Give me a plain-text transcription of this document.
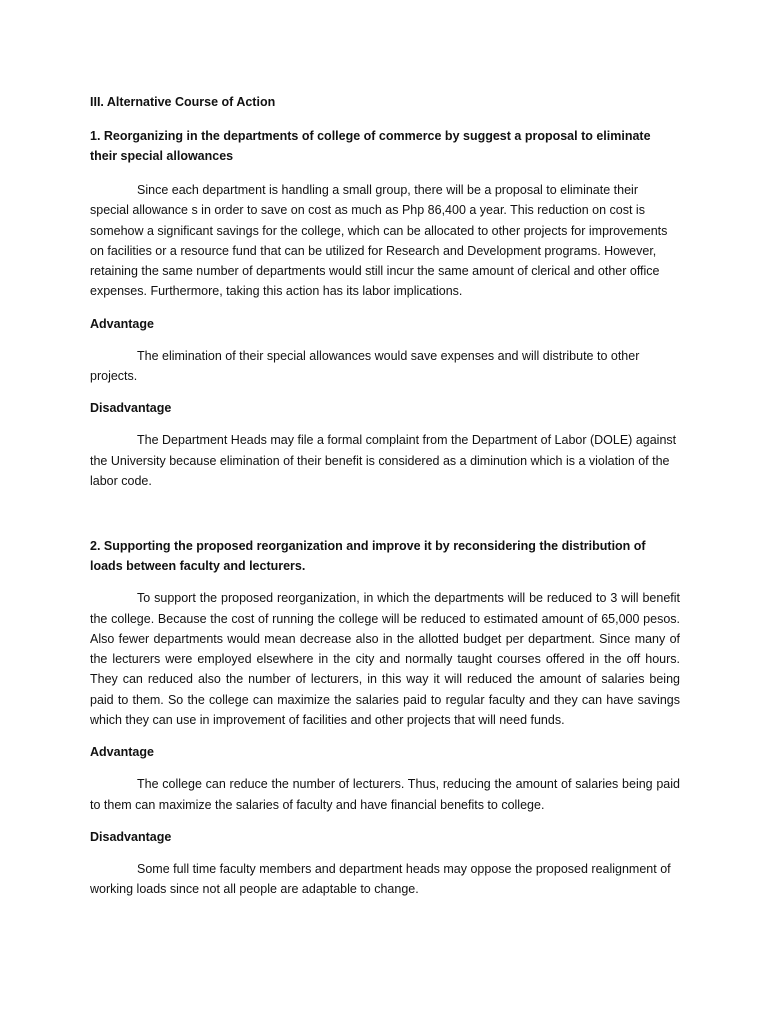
III. Alternative Course of Action

1. Reorganizing in the departments of college of commerce by suggest a proposal to eliminate their special allowances

Since each department is handling a small group, there will be a proposal to eliminate their special allowance s in order to save on cost as much as Php 86,400 a year. This reduction on cost is somehow a significant savings for the college, which can be allocated to other projects for improvements on facilities or a resource fund that can be utilized for Research and Development programs. However, retaining the same number of departments would still incur the same amount of clerical and other office expenses. Furthermore, taking this action has its labor implications.

Advantage

The elimination of their special allowances would save expenses and will distribute to other projects.

Disadvantage

The Department Heads may file a formal complaint from the Department of Labor (DOLE) against the University because elimination of their benefit is considered as a diminution which is a violation of the labor code.

2. Supporting the proposed reorganization and improve it by reconsidering the distribution of loads between faculty and lecturers.

To support the proposed reorganization, in which the departments will be reduced to 3 will benefit the college. Because the cost of running the college will be reduced to estimated amount of 65,000 pesos. Also fewer departments would mean decrease also in the allotted budget per department. Since many of the lecturers were employed elsewhere in the city and normally taught courses offered in the off hours. They can reduced also the number of lecturers, in this way it will reduced the amount of salaries being paid to them. So the college can maximize the salaries paid to regular faculty and they can have savings which they can use in improvement of facilities and other projects that will need funds.

Advantage

The college can reduce the number of lecturers. Thus, reducing the amount of salaries being paid to them can maximize the salaries of faculty and have financial benefits to college.

Disadvantage

Some full time faculty members and department heads may oppose the proposed realignment of working loads since not all people are adaptable to change.
